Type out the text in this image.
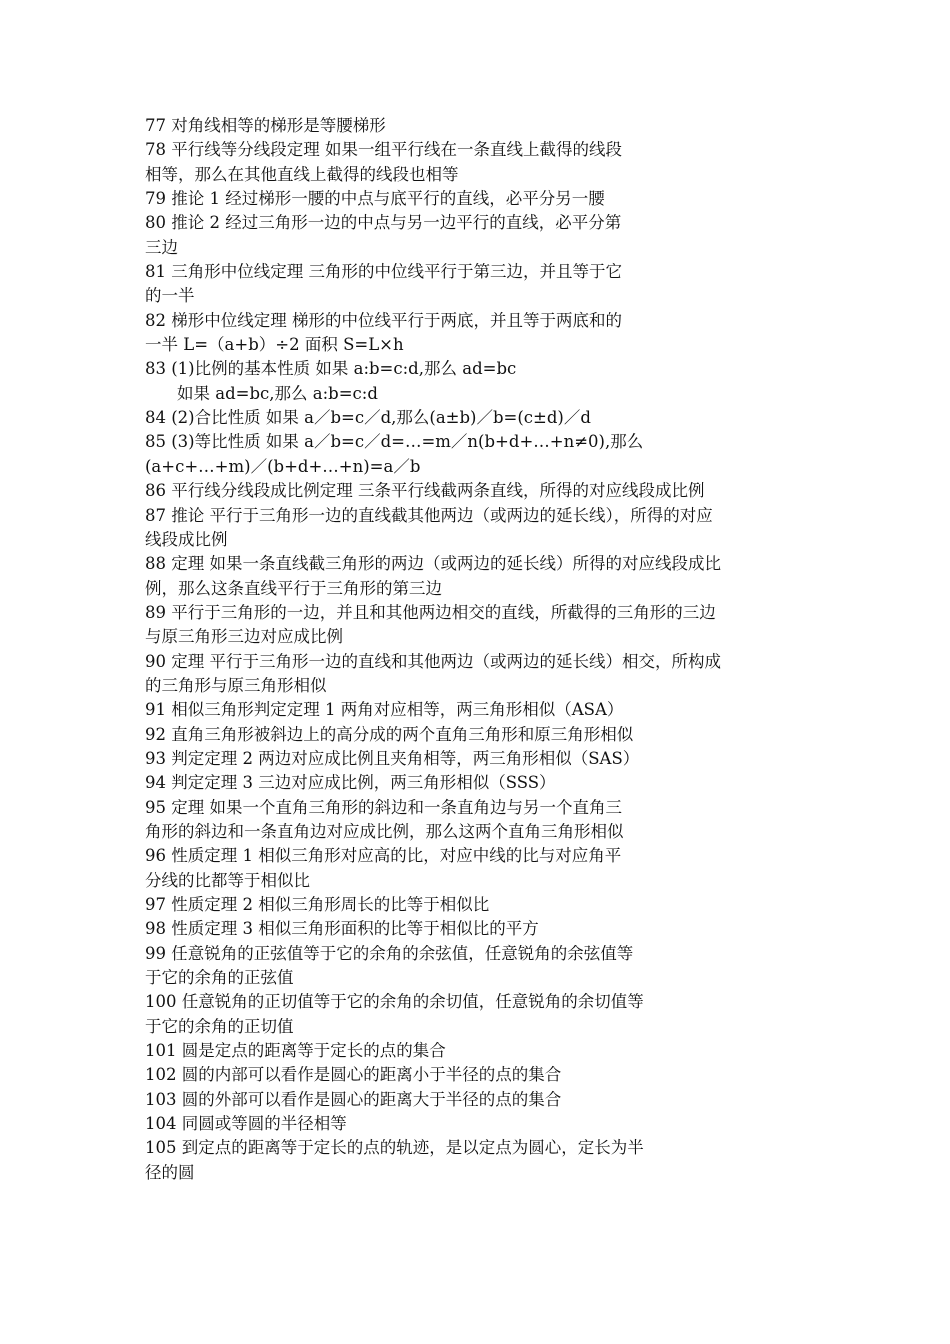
77 对角线相等的梯形是等腰梯形
78 平行线等分线段定理 如果一组平行线在一条直线上截得的线段
相等，那么在其他直线上截得的线段也相等
79 推论 1 经过梯形一腰的中点与底平行的直线，必平分另一腰
80 推论 2 经过三角形一边的中点与另一边平行的直线，必平分第
三边
81 三角形中位线定理 三角形的中位线平行于第三边，并且等于它
的一半
82 梯形中位线定理 梯形的中位线平行于两底，并且等于两底和的
一半 L=（a+b）÷2 面积 S=L×h
83 (1)比例的基本性质 如果 a:b=c:d,那么 ad=bc
如果 ad=bc,那么 a:b=c:d
84 (2)合比性质 如果 a／b=c／d,那么(a±b)／b=(c±d)／d
85 (3)等比性质 如果 a／b=c／d=…=m／n(b+d+…+n≠0),那么
(a+c+…+m)／(b+d+…+n)=a／b
86 平行线分线段成比例定理 三条平行线截两条直线，所得的对应线段成比例
87 推论 平行于三角形一边的直线截其他两边（或两边的延长线），所得的对应
线段成比例
88 定理 如果一条直线截三角形的两边（或两边的延长线）所得的对应线段成比
例，那么这条直线平行于三角形的第三边
89 平行于三角形的一边，并且和其他两边相交的直线，所截得的三角形的三边
与原三角形三边对应成比例
90 定理 平行于三角形一边的直线和其他两边（或两边的延长线）相交，所构成
的三角形与原三角形相似
91 相似三角形判定定理 1 两角对应相等，两三角形相似（ASA）
92 直角三角形被斜边上的高分成的两个直角三角形和原三角形相似
93 判定定理 2 两边对应成比例且夹角相等，两三角形相似（SAS）
94 判定定理 3 三边对应成比例，两三角形相似（SSS）
95 定理 如果一个直角三角形的斜边和一条直角边与另一个直角三
角形的斜边和一条直角边对应成比例，那么这两个直角三角形相似
96 性质定理 1 相似三角形对应高的比，对应中线的比与对应角平
分线的比都等于相似比
97 性质定理 2 相似三角形周长的比等于相似比
98 性质定理 3 相似三角形面积的比等于相似比的平方
99 任意锐角的正弦值等于它的余角的余弦值，任意锐角的余弦值等
于它的余角的正弦值
100 任意锐角的正切值等于它的余角的余切值，任意锐角的余切值等
于它的余角的正切值
101 圆是定点的距离等于定长的点的集合
102 圆的内部可以看作是圆心的距离小于半径的点的集合
103 圆的外部可以看作是圆心的距离大于半径的点的集合
104 同圆或等圆的半径相等
105 到定点的距离等于定长的点的轨迹，是以定点为圆心，定长为半
径的圆
